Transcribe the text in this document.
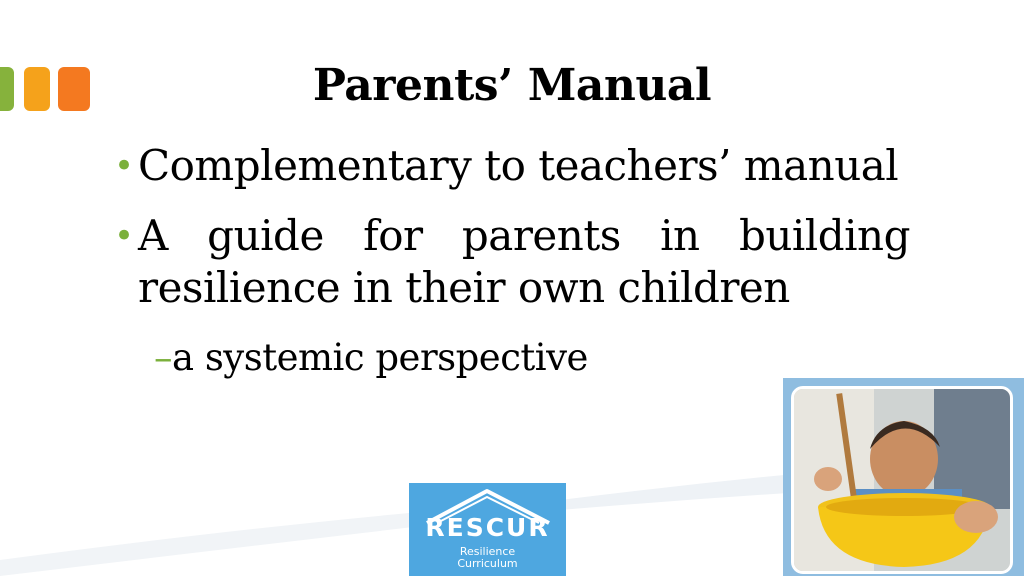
Parents’ Manual
• Complementary to teachers’ manual
• A guide for parents in building resilience in their own children
–a systemic perspective
RESCUR
Resilience
Curriculum
